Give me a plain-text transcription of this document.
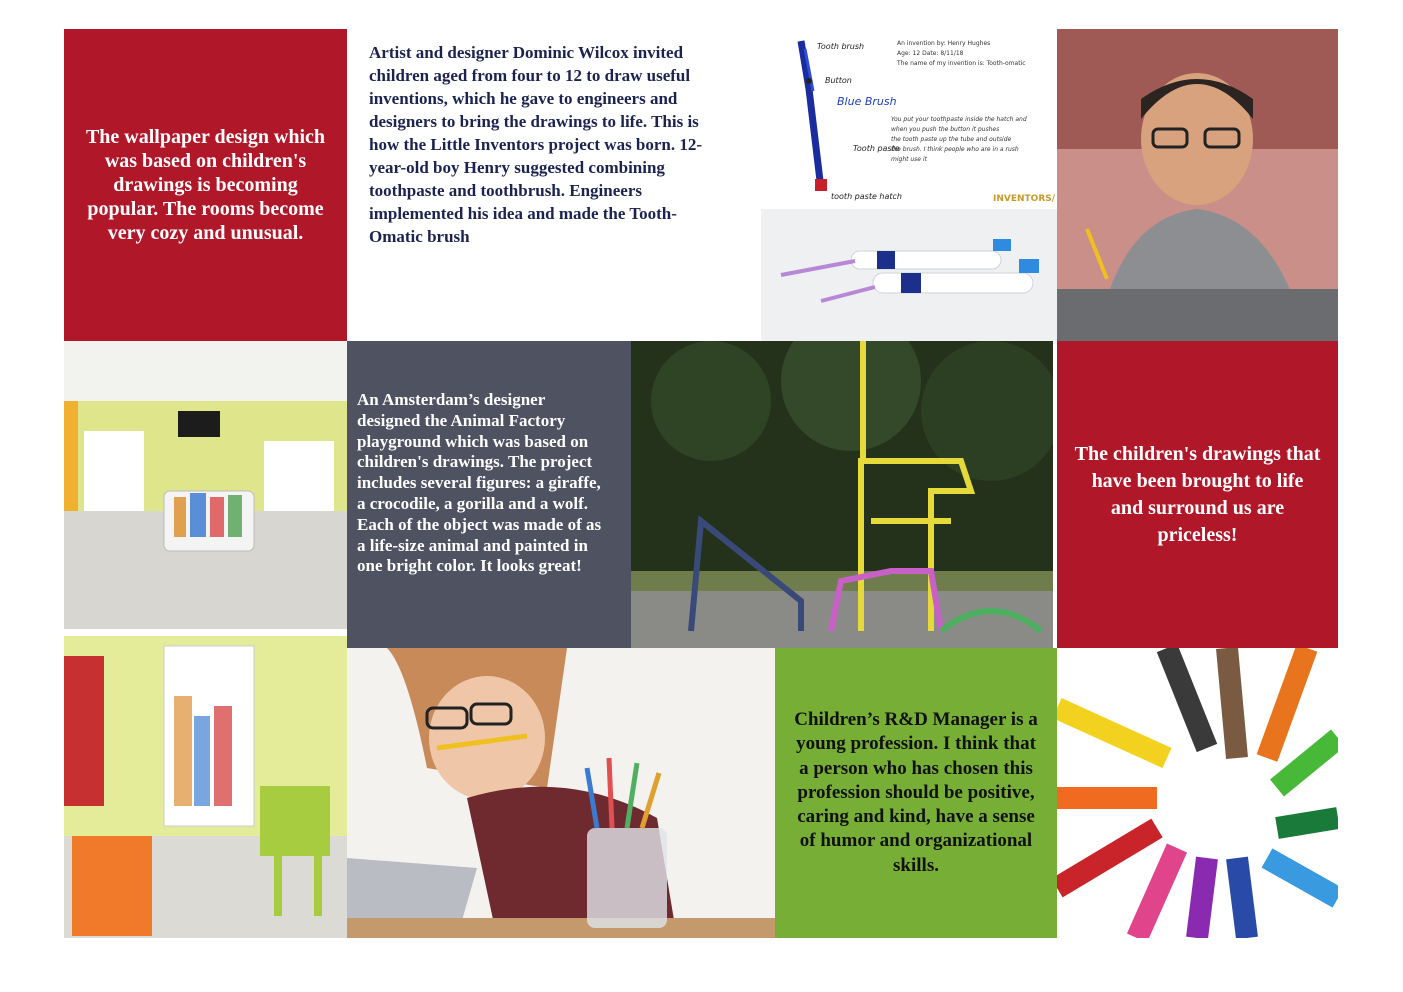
The wallpaper design which was based on children's drawings is becoming popular. The rooms become very cozy and unusual.
Artist and designer Dominic Wilcox invited children aged from four to 12 to draw useful inventions, which he gave to engineers and designers to bring the drawings to life. This is how the Little Inventors project was born. 12-year-old boy Henry suggested combining toothpaste and toothbrush. Engineers implemented his idea and made the Tooth-Omatic brush
Tooth brush
Blue Brush
Button
Tooth paste
tooth paste hatch
An invention by: Henry Hughes
Age: 12 Date: 8/11/18
The name of my invention is: Tooth-omatic
You put your toothpaste inside the hatch and
when you push the button it pushes
the tooth paste up the tube and outside
the brush. I think people who are in a rush
might use it
INVENTORS/
An Amsterdam’s designer designed the Animal Factory playground which was based on children's drawings. The project includes several figures: a giraffe, a crocodile, a gorilla and a wolf. Each of the object was made of as a life-size animal and painted in one bright color. It looks great!
The children's drawings that have been brought to life and surround us are priceless!
Children’s R&D Manager is a young profession. I think that a person who has chosen this profession should be positive, caring and kind, have a sense of humor and organizational skills.
